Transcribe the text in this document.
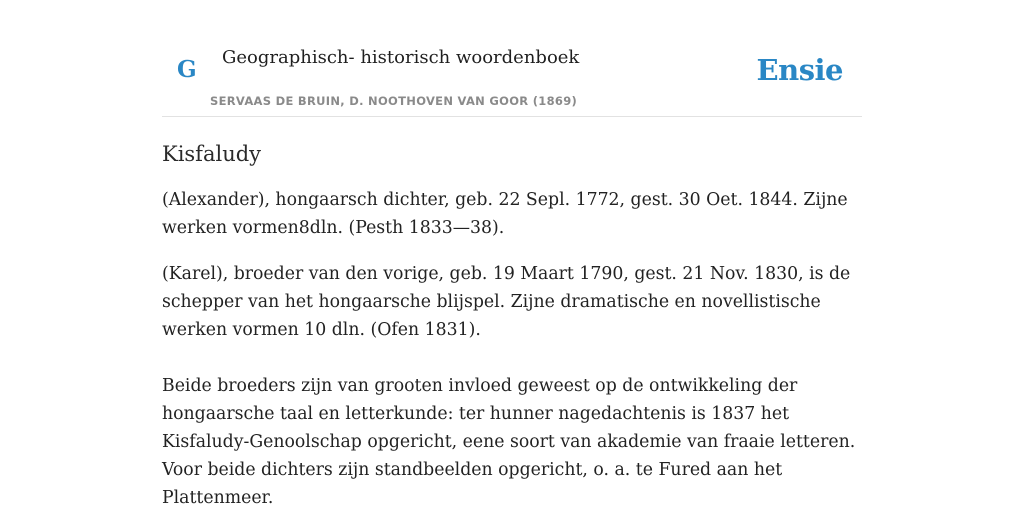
G Geographisch- historisch woordenboek
SERVAAS DE BRUIN, D. NOOTHOVEN VAN GOOR (1869)
Ensie
Kisfaludy

(Alexander), hongaarsch dichter, geb. 22 Sepl. 1772, gest. 30 Oet. 1844. Zijne werken vormen8dln. (Pesth 1833—38).

(Karel), broeder van den vorige, geb. 19 Maart 1790, gest. 21 Nov. 1830, is de schepper van het hongaarsche blijspel. Zijne dramatische en novellistische werken vormen 10 dln. (Ofen 1831).

Beide broeders zijn van grooten invloed geweest op de ontwikkeling der hongaarsche taal en letterkunde: ter hunner nagedachtenis is 1837 het Kisfaludy-Genoolschap opgericht, eene soort van akademie van fraaie letteren. Voor beide dichters zijn standbeelden opgericht, o. a. te Fured aan het Plattenmeer.
